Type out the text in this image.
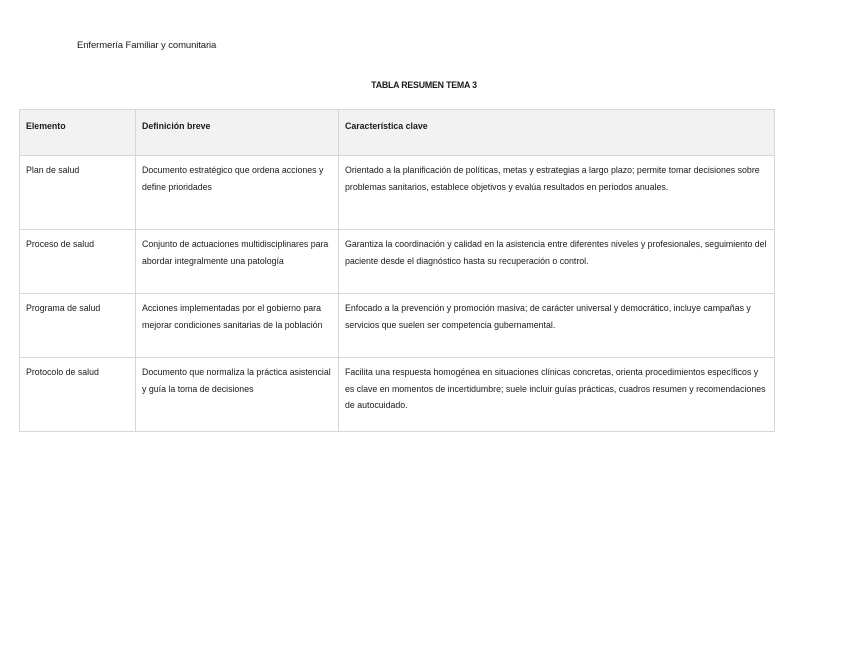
Enfermería Familiar y comunitaria
TABLA RESUMEN TEMA 3
Elemento	Definición breve	Característica clave
Plan de salud	Documento estratégico que ordena acciones y define prioridades	Orientado a la planificación de políticas, metas y estrategias a largo plazo; permite tomar decisiones sobre problemas sanitarios, establece objetivos y evalúa resultados en periodos anuales.
Proceso de salud	Conjunto de actuaciones multidisciplinares para abordar integralmente una patología	Garantiza la coordinación y calidad en la asistencia entre diferentes niveles y profesionales, seguimiento del paciente desde el diagnóstico hasta su recuperación o control.
Programa de salud	Acciones implementadas por el gobierno para mejorar condiciones sanitarias de la población	Enfocado a la prevención y promoción masiva; de carácter universal y democrático, incluye campañas y servicios que suelen ser competencia gubernamental.
Protocolo de salud	Documento que normaliza la práctica asistencial y guía la toma de decisiones	Facilita una respuesta homogénea en situaciones clínicas concretas, orienta procedimientos específicos y es clave en momentos de incertidumbre; suele incluir guías prácticas, cuadros resumen y recomendaciones de autocuidado.
